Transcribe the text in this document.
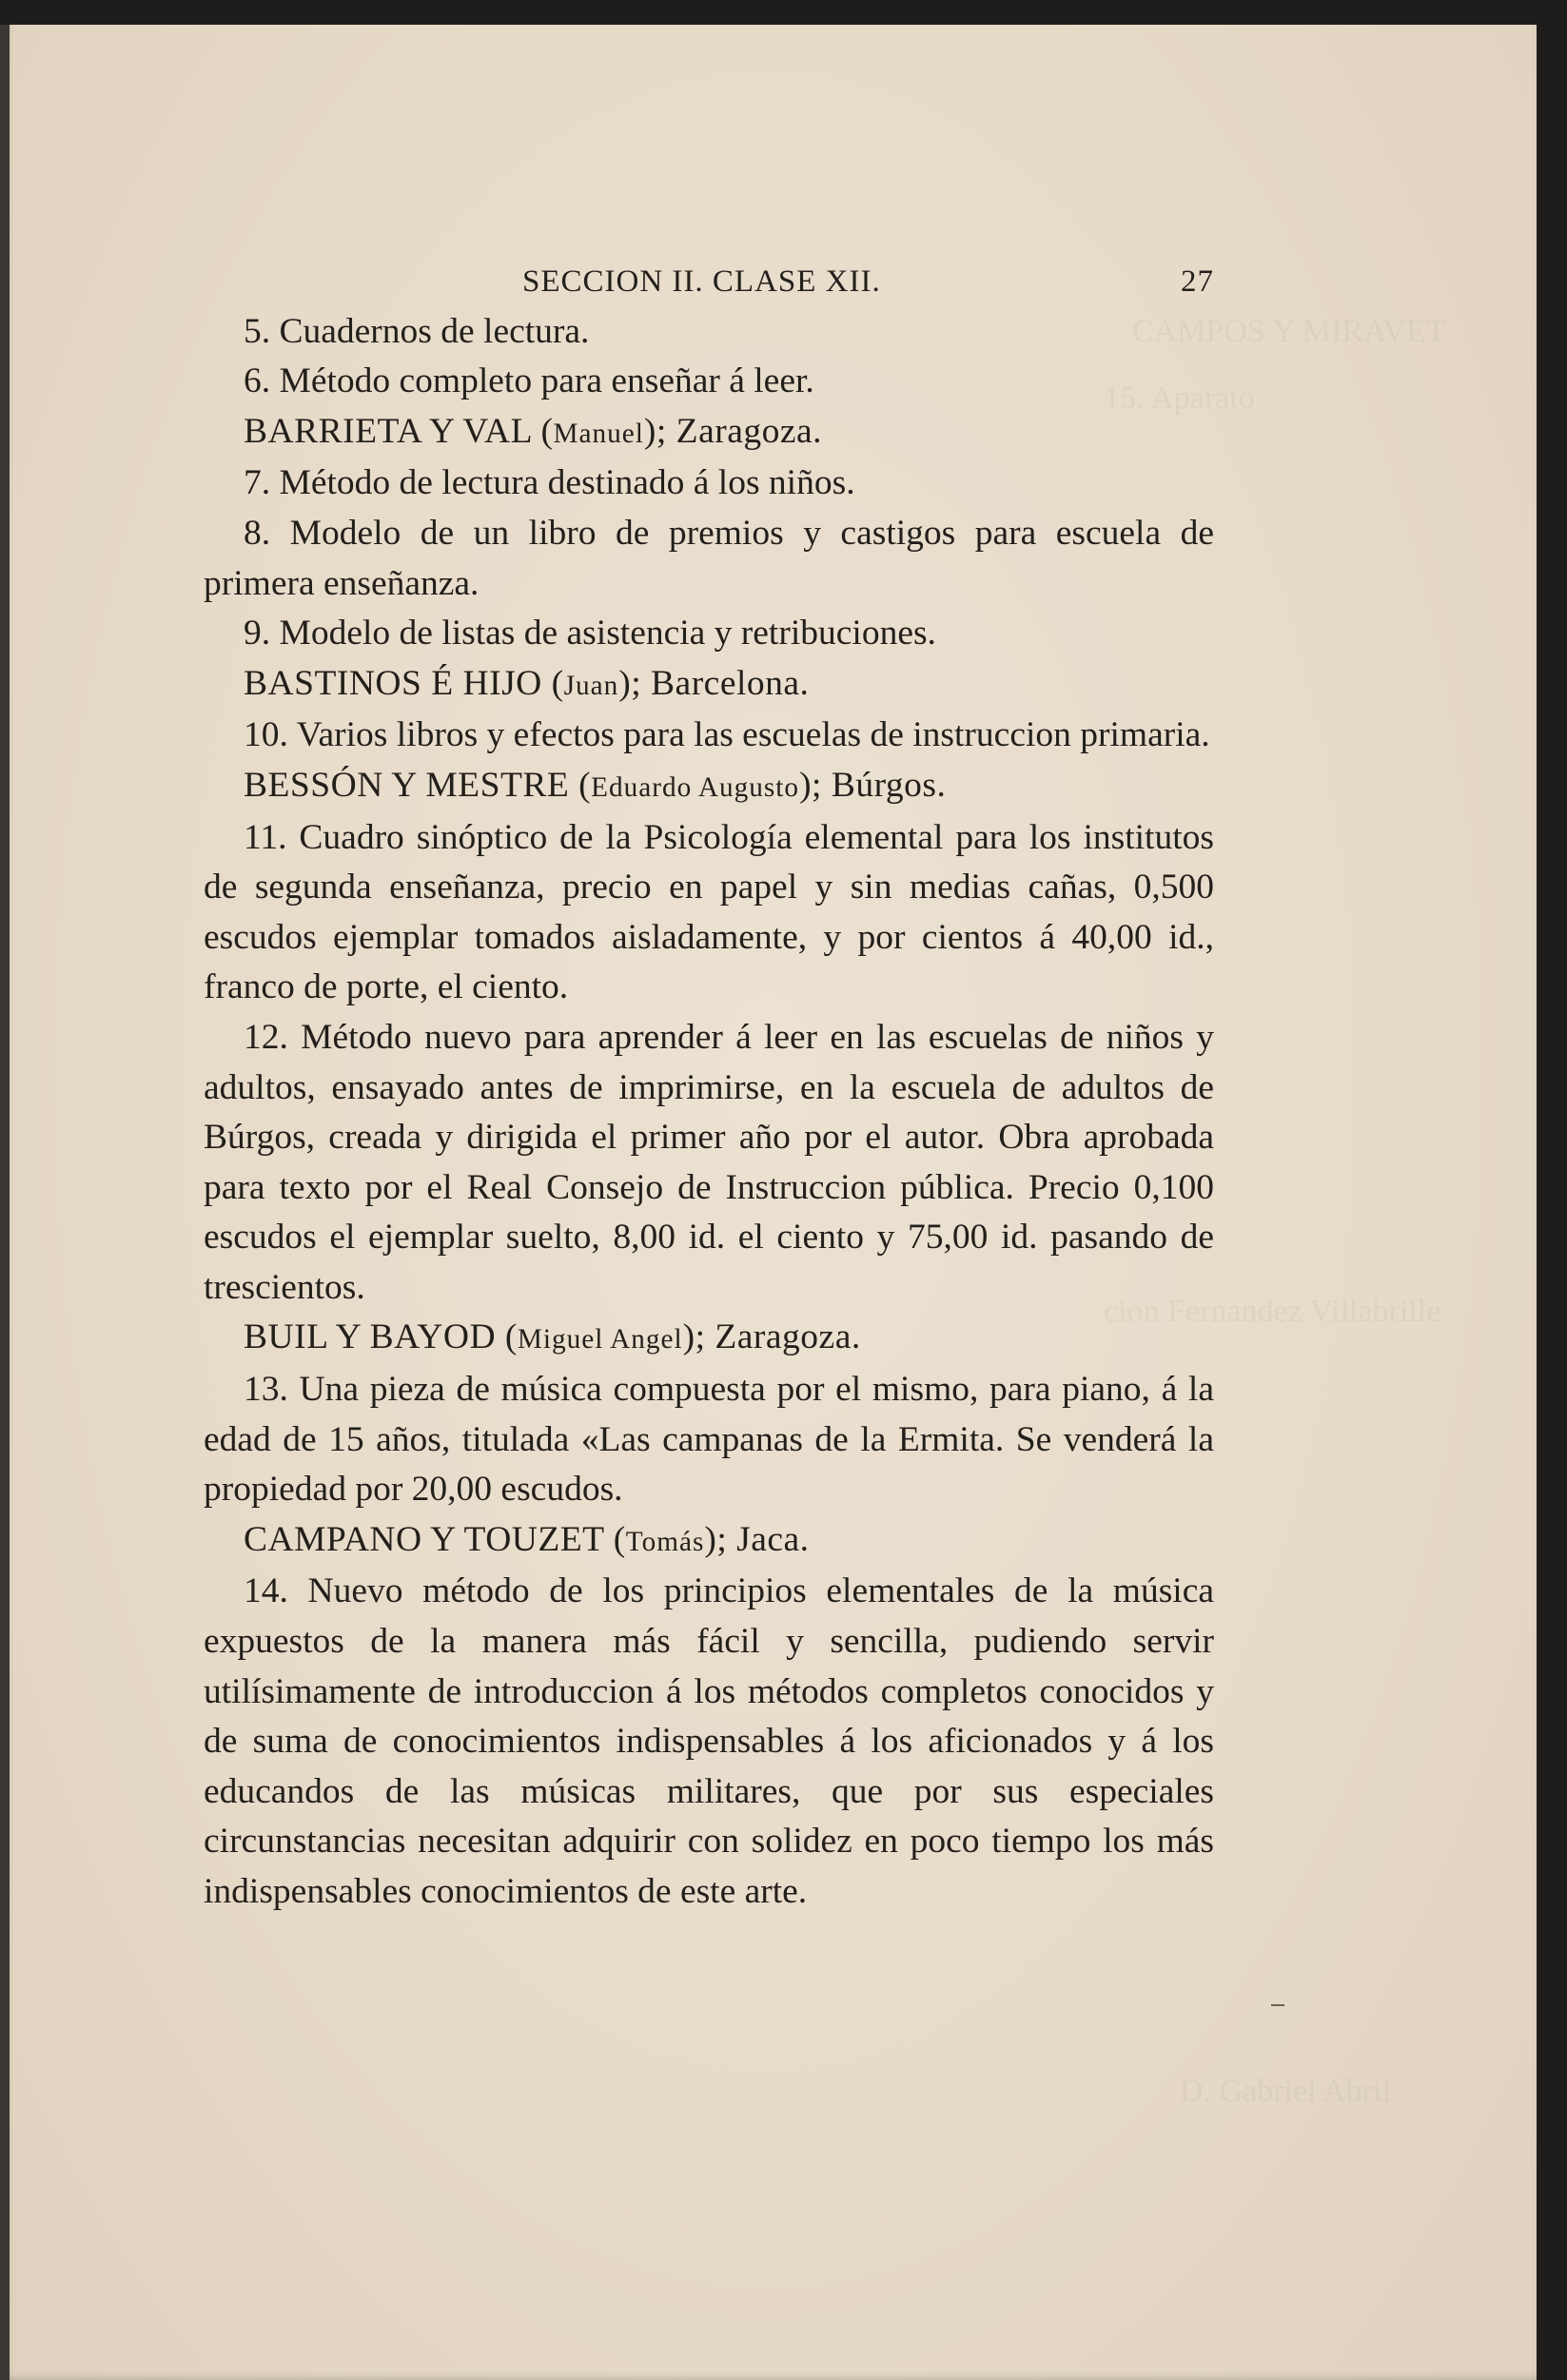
CAMPOS Y MIRAVET
15. Aparato
cion Fernandez Villabrille
D. Gabriel Abril
SECCION II. CLASE XII.	27

5. Cuadernos de lectura.

6. Método completo para enseñar á leer.

BARRIETA Y VAL (Manuel); Zaragoza.

7. Método de lectura destinado á los niños.

8. Modelo de un libro de premios y castigos para escuela de primera enseñanza.

9. Modelo de listas de asistencia y retribuciones.

BASTINOS É HIJO (Juan); Barcelona.

10. Varios libros y efectos para las escuelas de instruccion primaria.

BESSÓN Y MESTRE (Eduardo Augusto); Búrgos.

11. Cuadro sinóptico de la Psicología elemental para los institutos de segunda enseñanza, precio en papel y sin medias cañas, 0,500 escudos ejemplar tomados aisladamente, y por cientos á 40,00 id., franco de porte, el ciento.

12. Método nuevo para aprender á leer en las escuelas de niños y adultos, ensayado antes de imprimirse, en la escuela de adultos de Búrgos, creada y dirigida el primer año por el autor. Obra aprobada para texto por el Real Consejo de Instruccion pública. Precio 0,100 escudos el ejemplar suelto, 8,00 id. el ciento y 75,00 id. pasando de trescientos.

BUIL Y BAYOD (Miguel Angel); Zaragoza.

13. Una pieza de música compuesta por el mismo, para piano, á la edad de 15 años, titulada «Las campanas de la Ermita. Se venderá la propiedad por 20,00 escudos.

CAMPANO Y TOUZET (Tomás); Jaca.

14. Nuevo método de los principios elementales de la música expuestos de la manera más fácil y sencilla, pudiendo servir utilísimamente de introduccion á los métodos completos conocidos y de suma de conocimientos indispensables á los aficionados y á los educandos de las músicas militares, que por sus especiales circunstancias necesitan adquirir con solidez en poco tiempo los más indispensables conocimientos de este arte.
